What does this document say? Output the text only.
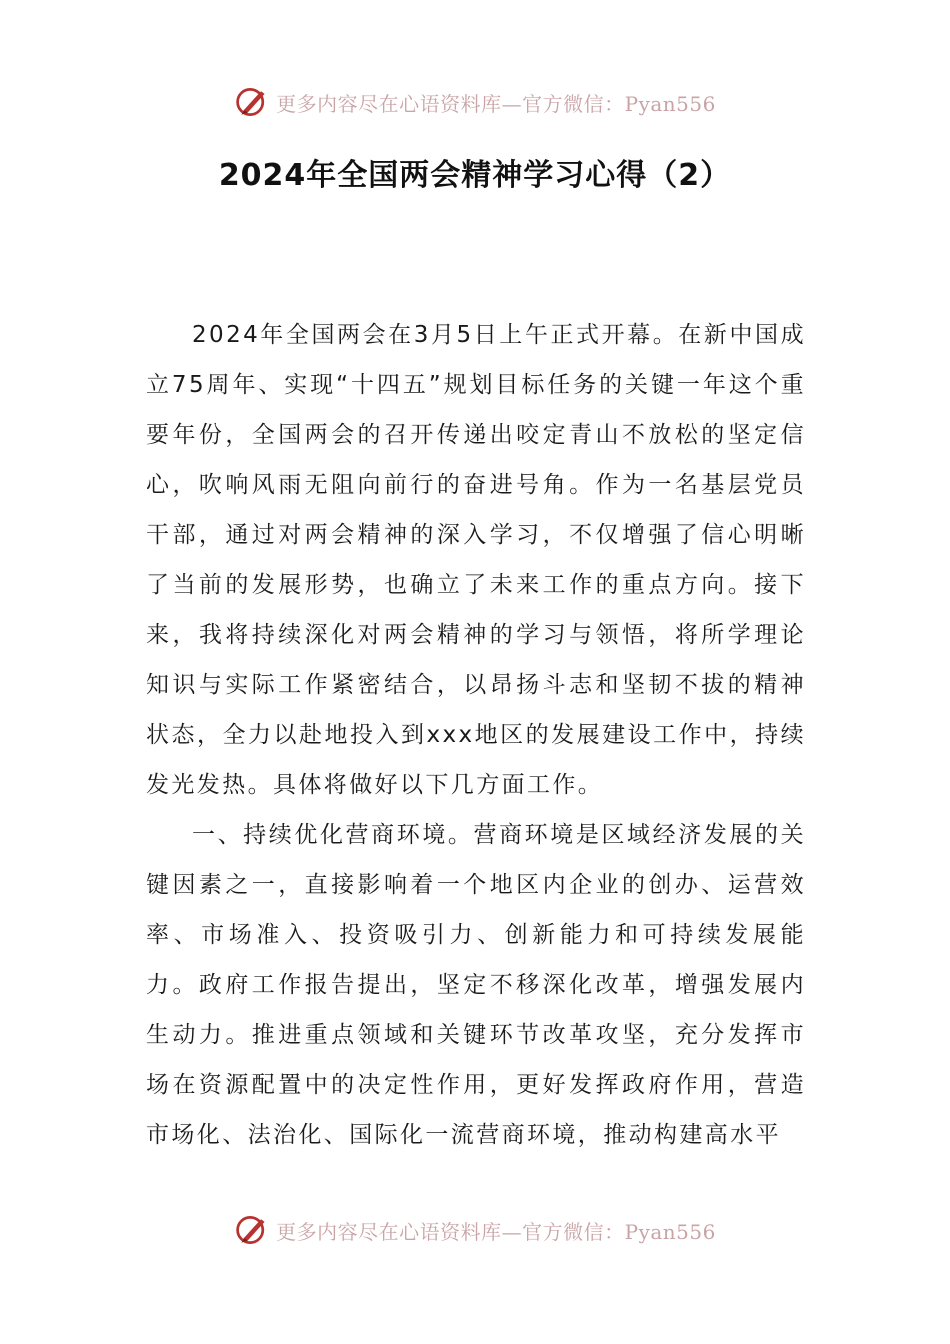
更多内容尽在心语资料库—官方微信：Pyan556
2024年全国两会精神学习心得（2）

2024年全国两会在3月5日上午正式开幕。在新中国成立75周年、实现“十四五”规划目标任务的关键一年这个重要年份，全国两会的召开传递出咬定青山不放松的坚定信心，吹响风雨无阻向前行的奋进号角。作为一名基层党员干部，通过对两会精神的深入学习，不仅增强了信心明晰了当前的发展形势，也确立了未来工作的重点方向。接下来，我将持续深化对两会精神的学习与领悟，将所学理论知识与实际工作紧密结合，以昂扬斗志和坚韧不拔的精神状态，全力以赴地投入到xxx地区的发展建设工作中，持续发光发热。具体将做好以下几方面工作。

一、持续优化营商环境。营商环境是区域经济发展的关键因素之一，直接影响着一个地区内企业的创办、运营效率、市场准入、投资吸引力、创新能力和可持续发展能力。政府工作报告提出，坚定不移深化改革，增强发展内生动力。推进重点领域和关键环节改革攻坚，充分发挥市场在资源配置中的决定性作用，更好发挥政府作用，营造市场化、法治化、国际化一流营商环境，推动构建高水平

更多内容尽在心语资料库—官方微信：Pyan556
